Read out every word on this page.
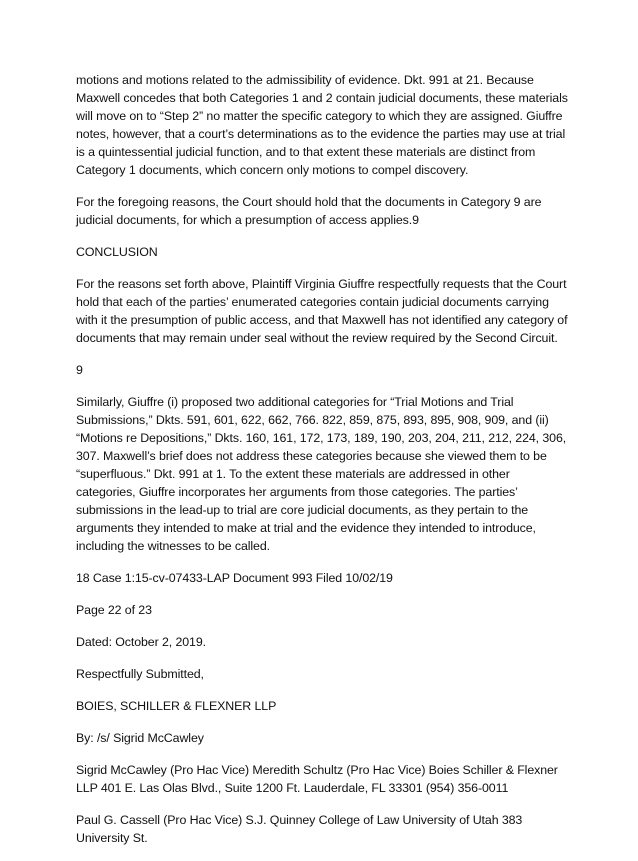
motions and motions related to the admissibility of evidence. Dkt. 991 at 21. Because Maxwell concedes that both Categories 1 and 2 contain judicial documents, these materials will move on to “Step 2” no matter the specific category to which they are assigned. Giuffre notes, however, that a court’s determinations as to the evidence the parties may use at trial is a quintessential judicial function, and to that extent these materials are distinct from Category 1 documents, which concern only motions to compel discovery.

For the foregoing reasons, the Court should hold that the documents in Category 9 are judicial documents, for which a presumption of access applies.9

CONCLUSION

For the reasons set forth above, Plaintiff Virginia Giuffre respectfully requests that the Court hold that each of the parties’ enumerated categories contain judicial documents carrying with it the presumption of public access, and that Maxwell has not identified any category of documents that may remain under seal without the review required by the Second Circuit.

9

Similarly, Giuffre (i) proposed two additional categories for “Trial Motions and Trial Submissions,” Dkts. 591, 601, 622, 662, 766. 822, 859, 875, 893, 895, 908, 909, and (ii) “Motions re Depositions,” Dkts. 160, 161, 172, 173, 189, 190, 203, 204, 211, 212, 224, 306, 307. Maxwell’s brief does not address these categories because she viewed them to be “superfluous.” Dkt. 991 at 1. To the extent these materials are addressed in other categories, Giuffre incorporates her arguments from those categories. The parties’ submissions in the lead-up to trial are core judicial documents, as they pertain to the arguments they intended to make at trial and the evidence they intended to introduce, including the witnesses to be called.

18 Case 1:15-cv-07433-LAP Document 993 Filed 10/02/19

Page 22 of 23

Dated: October 2, 2019.

Respectfully Submitted,

BOIES, SCHILLER & FLEXNER LLP

By: /s/ Sigrid McCawley

Sigrid McCawley (Pro Hac Vice) Meredith Schultz (Pro Hac Vice) Boies Schiller & Flexner LLP 401 E. Las Olas Blvd., Suite 1200 Ft. Lauderdale, FL 33301 (954) 356-0011

Paul G. Cassell (Pro Hac Vice) S.J. Quinney College of Law University of Utah 383 University St.
